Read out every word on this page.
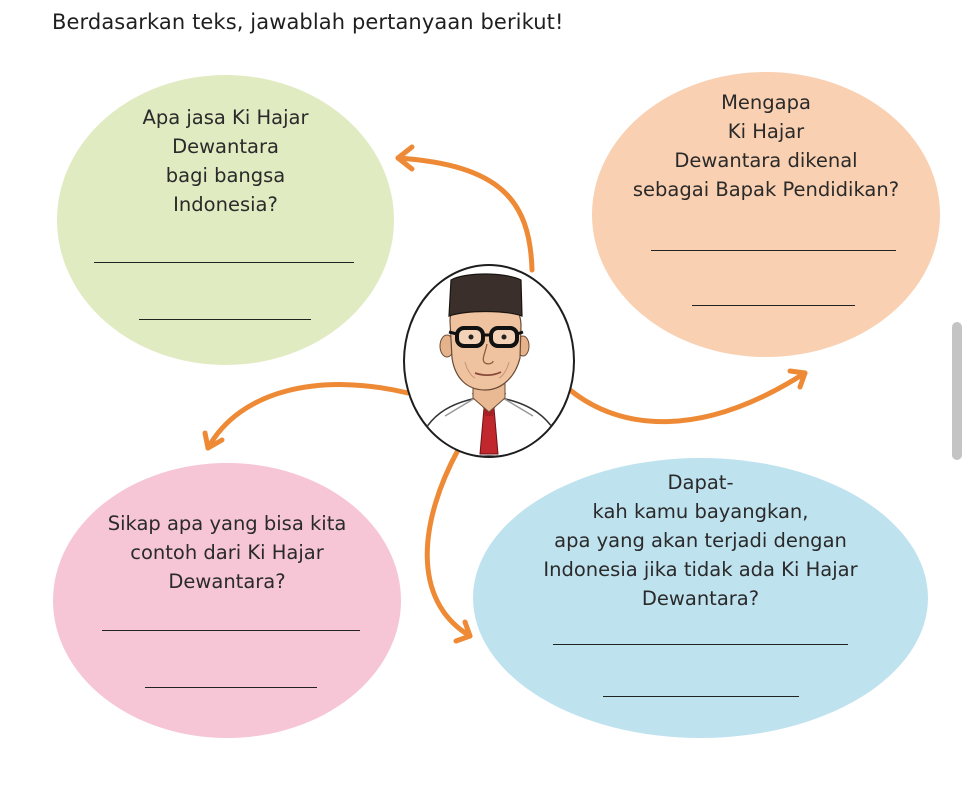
Berdasarkan teks, jawablah pertanyaan berikut!
Apa jasa Ki Hajar
Dewantara
bagi bangsa
Indonesia?
Mengapa
Ki Hajar
Dewantara dikenal
sebagai Bapak Pendidikan?
Sikap apa yang bisa kita
contoh dari Ki Hajar
Dewantara?
Dapat-
kah kamu bayangkan,
apa yang akan terjadi dengan
Indonesia jika tidak ada Ki Hajar
Dewantara?
